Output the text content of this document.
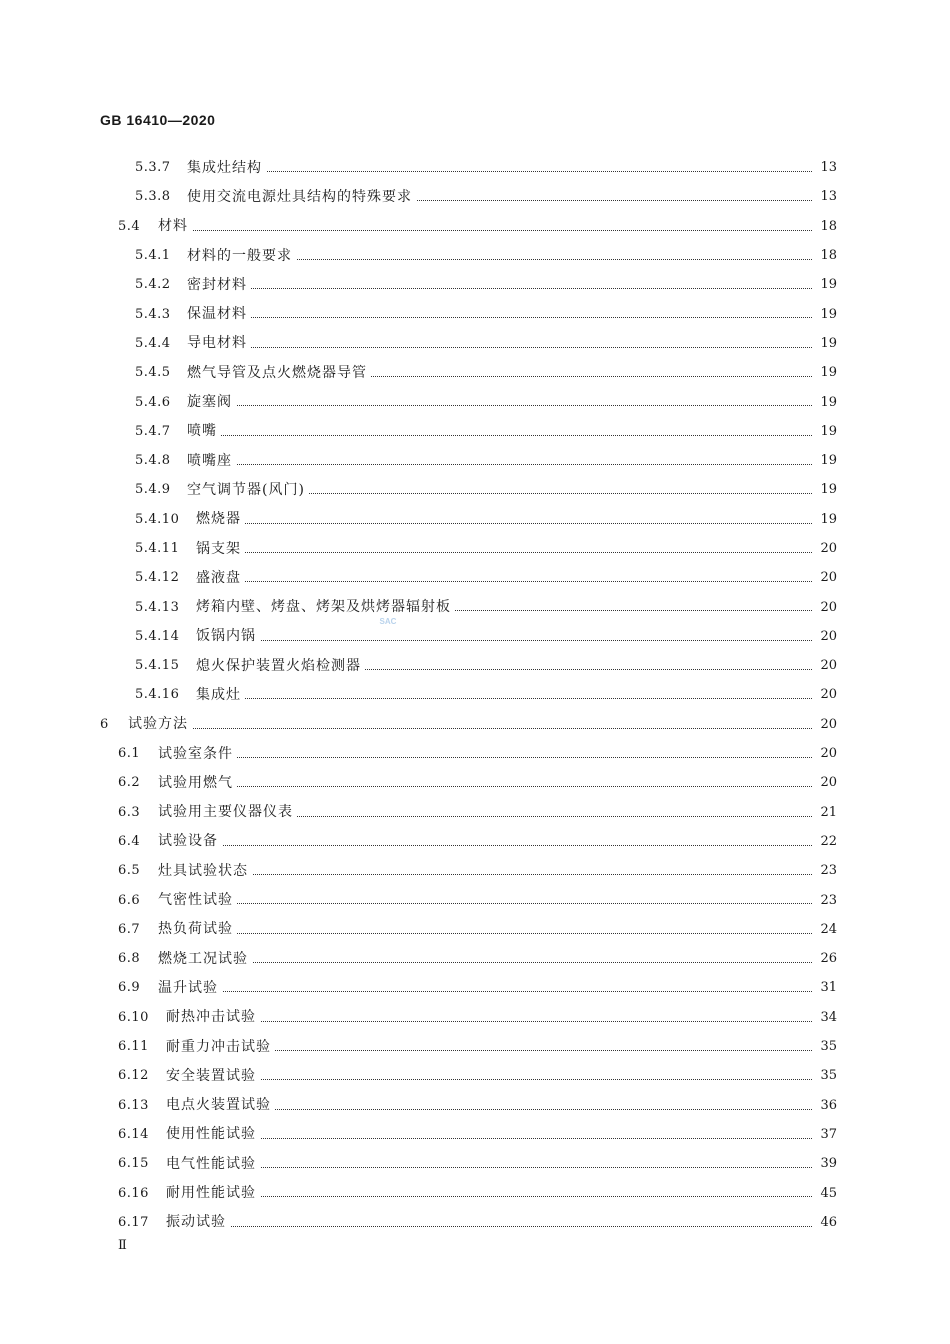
GB 16410—2020
5.3.7 集成灶结构	13
5.3.8 使用交流电源灶具结构的特殊要求	13
5.4 材料	18
5.4.1 材料的一般要求	18
5.4.2 密封材料	19
5.4.3 保温材料	19
5.4.4 导电材料	19
5.4.5 燃气导管及点火燃烧器导管	19
5.4.6 旋塞阀	19
5.4.7 喷嘴	19
5.4.8 喷嘴座	19
5.4.9 空气调节器(风门)	19
5.4.10 燃烧器	19
5.4.11 锅支架	20
5.4.12 盛液盘	20
5.4.13 烤箱内壁、烤盘、烤架及烘烤器辐射板	20
5.4.14 饭锅内锅	20
5.4.15 熄火保护装置火焰检测器	20
5.4.16 集成灶	20
6 试验方法	20
6.1 试验室条件	20
6.2 试验用燃气	20
6.3 试验用主要仪器仪表	21
6.4 试验设备	22
6.5 灶具试验状态	23
6.6 气密性试验	23
6.7 热负荷试验	24
6.8 燃烧工况试验	26
6.9 温升试验	31
6.10 耐热冲击试验	34
6.11 耐重力冲击试验	35
6.12 安全装置试验	35
6.13 电点火装置试验	36
6.14 使用性能试验	37
6.15 电气性能试验	39
6.16 耐用性能试验	45
6.17 振动试验	46
SAC
Ⅱ
